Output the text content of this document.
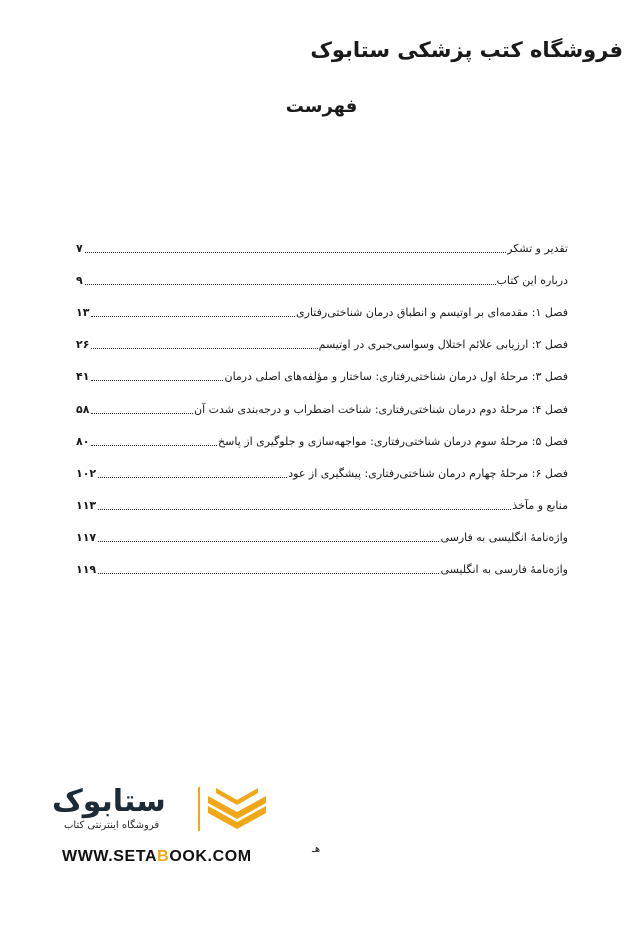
فروشگاه کتب پزشکی ستابوک
فهرست
۷	تقدیر و تشکر
۹	درباره این کتاب
۱۳	فصل ۱: مقدمه‌ای بر اوتیسم و انطباق درمان شناختی‌رفتاری
۲۶	فصل ۲: ارزیابی علائم اختلال وسواسی‌جبری در اوتیسم
۴۱	فصل ۳: مرحلهٔ اول درمان شناختی‌رفتاری: ساختار و مؤلفه‌های اصلی درمان
۵۸	فصل ۴: مرحلهٔ دوم درمان شناختی‌رفتاری: شناخت اضطراب و درجه‌بندی شدت آن
۸۰	فصل ۵: مرحلهٔ سوم درمان شناختی‌رفتاری: مواجهه‌سازی و جلوگیری از پاسخ
۱۰۲	فصل ۶: مرحلهٔ چهارم درمان شناختی‌رفتاری: پیشگیری از عود
۱۱۳	منابع و مآخذ
۱۱۷	واژه‌نامهٔ انگلیسی به فارسی
۱۱۹	واژه‌نامهٔ فارسی به انگلیسی
هـ
ستابوک
فروشگاه اینترنتی کتاب
WWW.SETABOOK.COM
